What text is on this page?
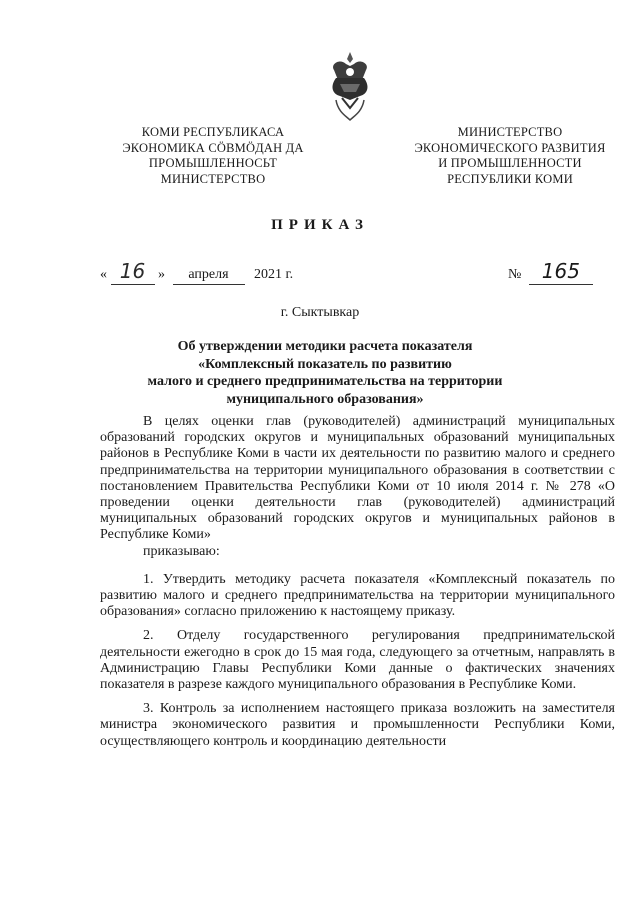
КОМИ РЕСПУБЛИКАСА
ЭКОНОМИКА СӦВМӦДАН ДА
ПРОМЫШЛЕННОСЬТ
МИНИСТЕРСТВО
МИНИСТЕРСТВО
ЭКОНОМИЧЕСКОГО РАЗВИТИЯ
И ПРОМЫШЛЕННОСТИ
РЕСПУБЛИКИ КОМИ
ПРИКАЗ
« 16 » апреля 2021 г.	№ 165
г. Сыктывкар
Об утверждении методики расчета показателя
«Комплексный показатель по развитию
малого и среднего предпринимательства на территории
муниципального образования»

В целях оценки глав (руководителей) администраций муниципальных образований городских округов и муниципальных образований муниципальных районов в Республике Коми в части их деятельности по развитию малого и среднего предпринимательства на территории муниципального образования в соответствии с постановлением Правительства Республики Коми от 10 июля 2014 г. № 278 «О проведении оценки деятельности глав (руководителей) администраций муниципальных образований городских округов и муниципальных районов в Республике Коми»

приказываю:

1. Утвердить методику расчета показателя «Комплексный показатель по развитию малого и среднего предпринимательства на территории муниципального образования» согласно приложению к настоящему приказу.

2. Отделу государственного регулирования предпринимательской деятельности ежегодно в срок до 15 мая года, следующего за отчетным, направлять в Администрацию Главы Республики Коми данные о фактических значениях показателя в разрезе каждого муниципального образования в Республике Коми.

3. Контроль за исполнением настоящего приказа возложить на заместителя министра экономического развития и промышленности Республики Коми, осуществляющего контроль и координацию деятельности
